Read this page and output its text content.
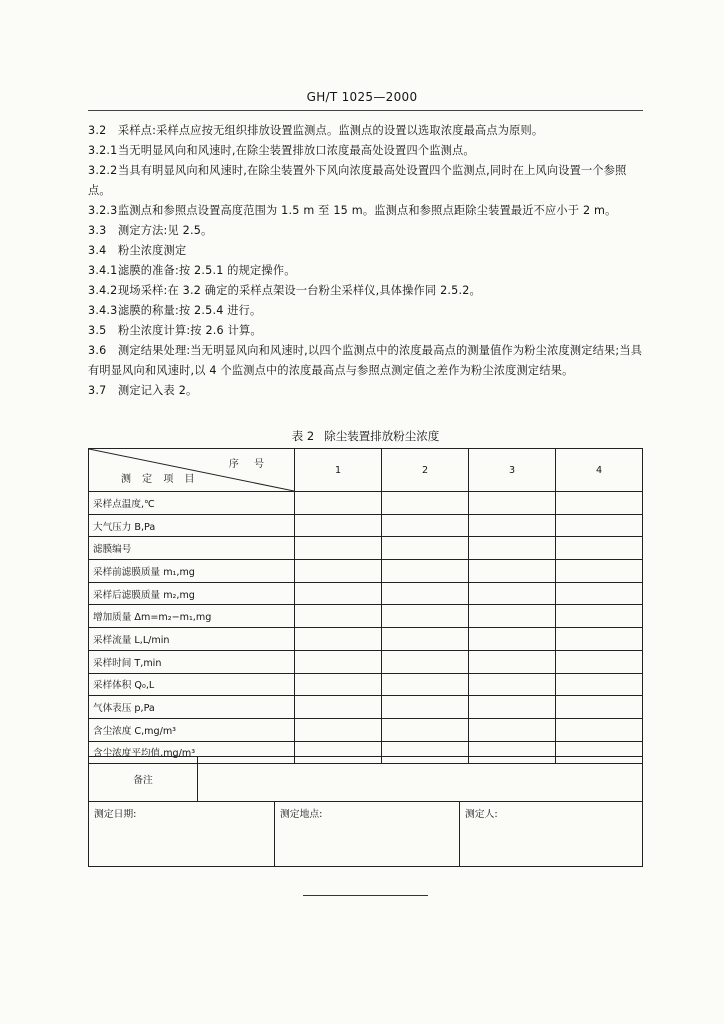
GH/T 1025—2000

3.2 采样点:采样点应按无组织排放设置监测点。监测点的设置以选取浓度最高点为原则。

3.2.1当无明显风向和风速时,在除尘装置排放口浓度最高处设置四个监测点。

3.2.2当具有明显风向和风速时,在除尘装置外下风向浓度最高处设置四个监测点,同时在上风向设置一个参照点。

3.2.3监测点和参照点设置高度范围为 1.5 m 至 15 m。监测点和参照点距除尘装置最近不应小于 2 m。

3.3 测定方法:见 2.5。

3.4 粉尘浓度测定

3.4.1滤膜的准备:按 2.5.1 的规定操作。

3.4.2现场采样:在 3.2 确定的采样点架设一台粉尘采样仪,具体操作同 2.5.2。

3.4.3滤膜的称量:按 2.5.4 进行。

3.5 粉尘浓度计算:按 2.6 计算。

3.6 测定结果处理:当无明显风向和风速时,以四个监测点中的浓度最高点的测量值作为粉尘浓度测定结果;当具有明显风向和风速时,以 4 个监测点中的浓度最高点与参照点测定值之差作为粉尘浓度测定结果。

3.7 测定记入表 2。

表 2 除尘装置排放粉尘浓度
序 号
测 定 项 目	1	2	3	4
采样点温度,℃				
大气压力 B,Pa				
滤膜编号				
采样前滤膜质量 m₁,mg				
采样后滤膜质量 m₂,mg				
增加质量 Δm=m₂−m₁,mg				
采样流量 L,L/min				
采样时间 T,min				
采样体积 Q₀,L				
气体表压 p,Pa				
含尘浓度 C,mg/m³				
含尘浓度平均值,mg/m³				
备注			
测定日期:		测定地点:	测定人:
